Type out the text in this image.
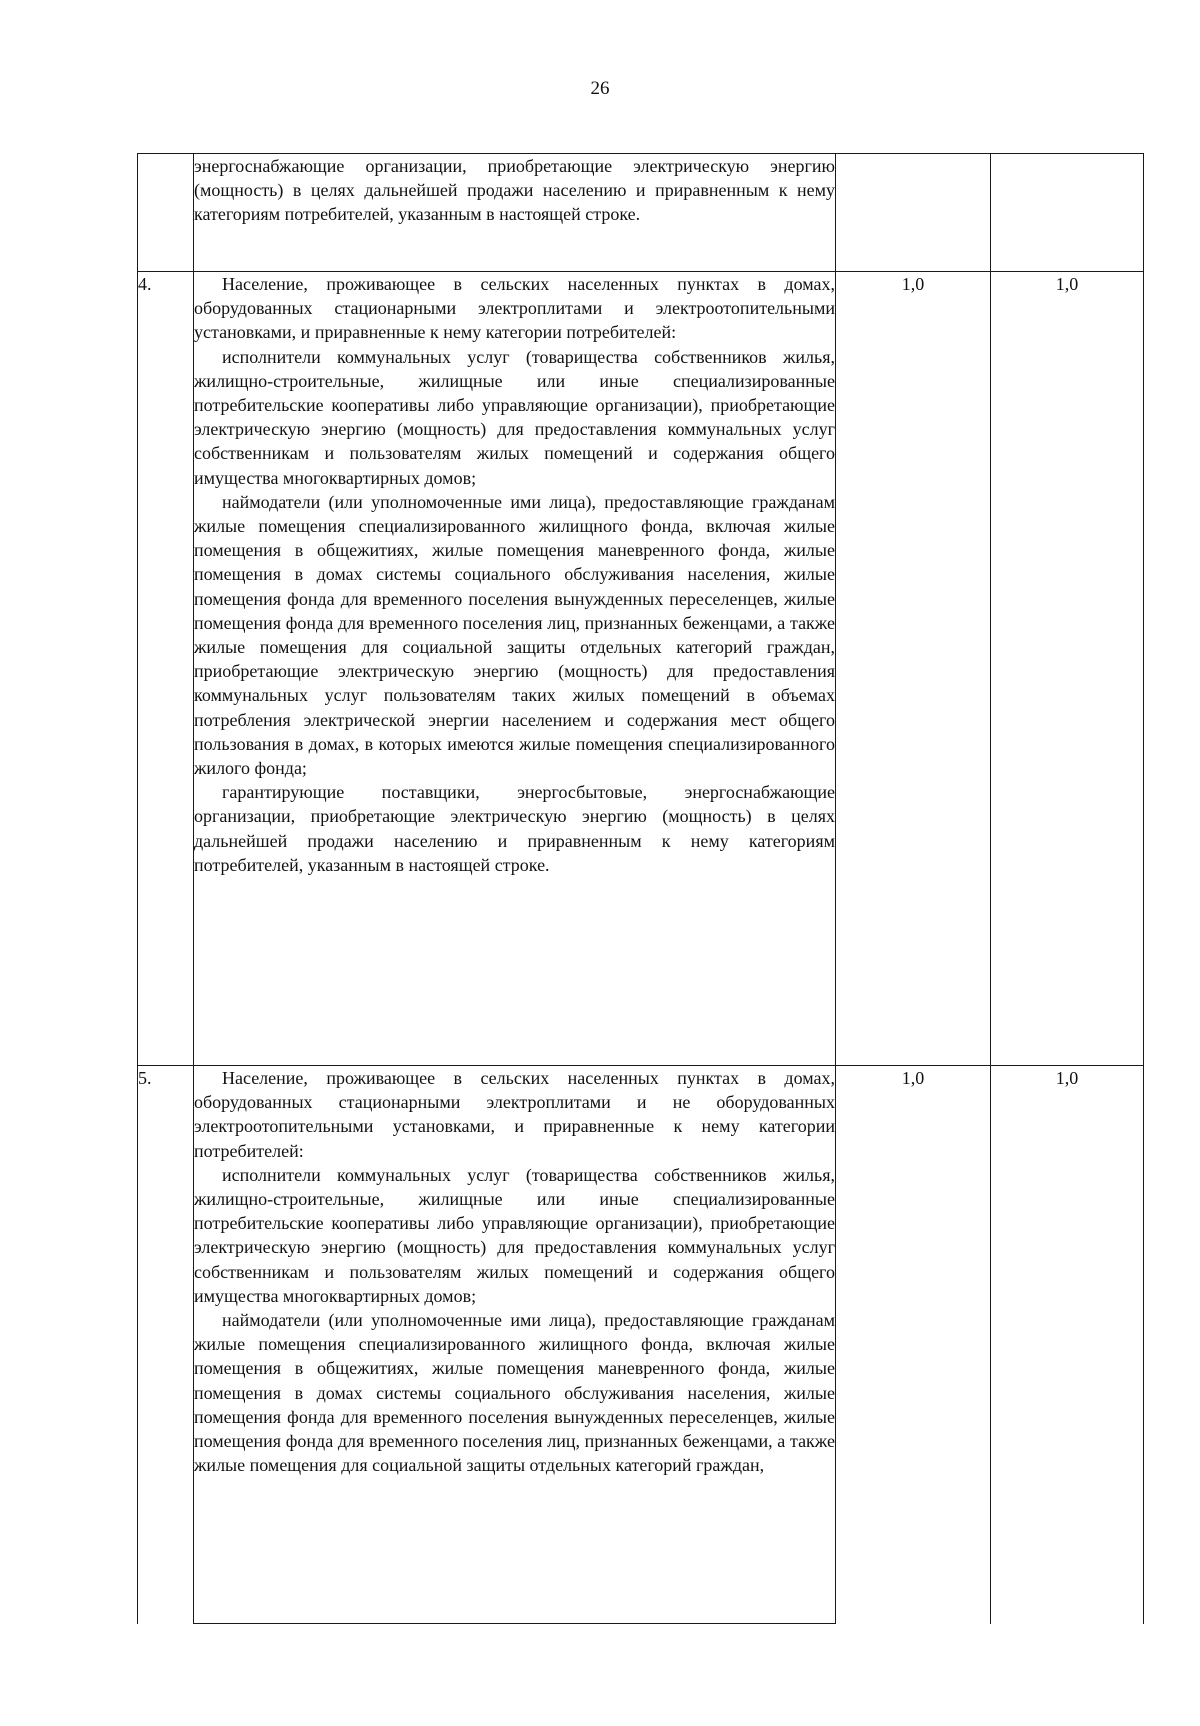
26

	энергоснабжающие организации, приобретающие электрическую энергию (мощность) в целях дальнейшей продажи населению и приравненным к нему категориям потребителей, указанным в настоящей строке.		

4.	Население, проживающее в сельских населенных пунктах в домах, оборудованных стационарными электроплитами и электроотопительными установками, и приравненные к нему категории потребителей:

исполнители коммунальных услуг (товарищества собственников жилья, жилищно-строительные, жилищные или иные специализированные потребительские кооперативы либо управляющие организации), приобретающие электрическую энергию (мощность) для предоставления коммунальных услуг собственникам и пользователям жилых помещений и содержания общего имущества многоквартирных домов;

наймодатели (или уполномоченные ими лица), предоставляющие гражданам жилые помещения специализированного жилищного фонда, включая жилые помещения в общежитиях, жилые помещения маневренного фонда, жилые помещения в домах системы социального обслуживания населения, жилые помещения фонда для временного поселения вынужденных переселенцев, жилые помещения фонда для временного поселения лиц, признанных беженцами, а также жилые помещения для социальной защиты отдельных категорий граждан, приобретающие электрическую энергию (мощность) для предоставления коммунальных услуг пользователям таких жилых помещений в объемах потребления электрической энергии населением и содержания мест общего пользования в домах, в которых имеются жилые помещения специализированного жилого фонда;

гарантирующие поставщики, энергосбытовые, энергоснабжающие организации, приобретающие электрическую энергию (мощность) в целях дальнейшей продажи населению и приравненным к нему категориям потребителей, указанным в настоящей строке.	1,0	1,0
5.	Население, проживающее в сельских населенных пунктах в домах, оборудованных стационарными электроплитами и не оборудованных электроотопительными установками, и приравненные к нему категории потребителей:

исполнители коммунальных услуг (товарищества собственников жилья, жилищно-строительные, жилищные или иные специализированные потребительские кооперативы либо управляющие организации), приобретающие электрическую энергию (мощность) для предоставления коммунальных услуг собственникам и пользователям жилых помещений и содержания общего имущества многоквартирных домов;

наймодатели (или уполномоченные ими лица), предоставляющие гражданам жилые помещения специализированного жилищного фонда, включая жилые помещения в общежитиях, жилые помещения маневренного фонда, жилые помещения в домах системы социального обслуживания населения, жилые помещения фонда для временного поселения вынужденных переселенцев, жилые помещения фонда для временного поселения лиц, признанных беженцами, а также жилые помещения для социальной защиты отдельных категорий граждан,	1,0	1,0
